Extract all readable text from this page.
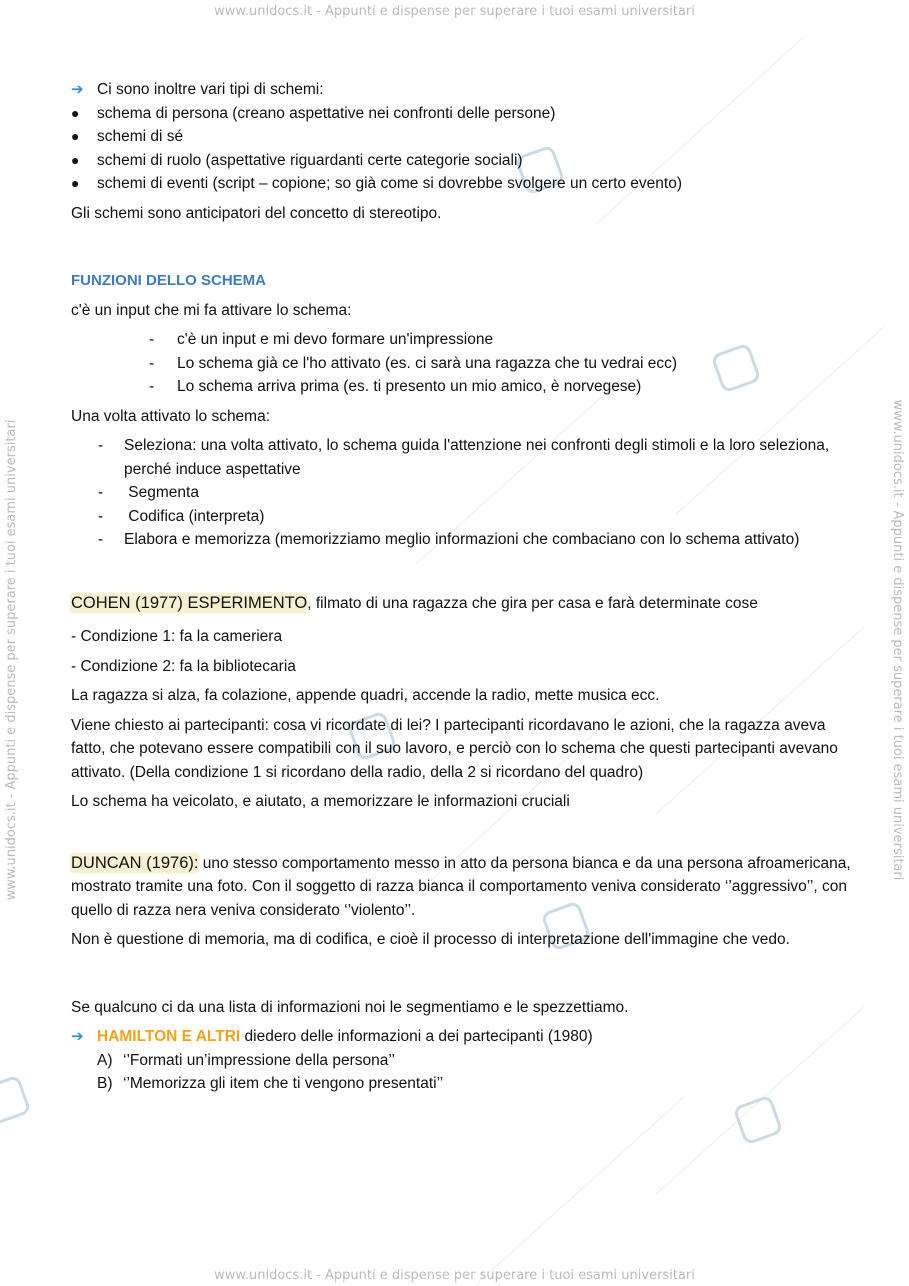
www.unidocs.it - Appunti e dispense per superare i tuoi esami universitari
www.unidocs.it - Appunti e dispense per superare i tuoi esami universitari
www.unidocs.it - Appunti e dispense per superare i tuoi esami universitari	www.unidocs.it - Appunti e dispense per superare i tuoi esami universitari
➔ Ci sono inoltre vari tipi di schemi:
● schema di persona (creano aspettative nei confronti delle persone)
● schemi di sé
● schemi di ruolo (aspettative riguardanti certe categorie sociali)
● schemi di eventi (script – copione; so già come si dovrebbe svolgere un certo evento)
Gli schemi sono anticipatori del concetto di stereotipo.
FUNZIONI DELLO SCHEMA
c'è un input che mi fa attivare lo schema:
- c'è un input e mi devo formare un'impressione
- Lo schema già ce l'ho attivato (es. ci sarà una ragazza che tu vedrai ecc)
- Lo schema arriva prima (es. ti presento un mio amico, è norvegese)
Una volta attivato lo schema:
- Seleziona: una volta attivato, lo schema guida l'attenzione nei confronti degli stimoli e la loro seleziona, perché induce aspettative
- Segmenta
- Codifica (interpreta)
- Elabora e memorizza (memorizziamo meglio informazioni che combaciano con lo schema attivato)
COHEN (1977) ESPERIMENTO, filmato di una ragazza che gira per casa e farà determinate cose
- Condizione 1: fa la cameriera
- Condizione 2: fa la bibliotecaria
La ragazza si alza, fa colazione, appende quadri, accende la radio, mette musica ecc.
Viene chiesto ai partecipanti: cosa vi ricordate di lei? I partecipanti ricordavano le azioni, che la ragazza aveva fatto, che potevano essere compatibili con il suo lavoro, e perciò con lo schema che questi partecipanti avevano attivato. (Della condizione 1 si ricordano della radio, della 2 si ricordano del quadro)
Lo schema ha veicolato, e aiutato, a memorizzare le informazioni cruciali
DUNCAN (1976): uno stesso comportamento messo in atto da persona bianca e da una persona afroamericana, mostrato tramite una foto. Con il soggetto di razza bianca il comportamento veniva considerato ‘’aggressivo’’, con quello di razza nera veniva considerato ‘’violento’’.
Non è questione di memoria, ma di codifica, e cioè il processo di interpretazione dell'immagine che vedo.
Se qualcuno ci da una lista di informazioni noi le segmentiamo e le spezzettiamo.
➔ HAMILTON E ALTRI diedero delle informazioni a dei partecipanti (1980)
A) ‘’Formati un’impressione della persona’’
B) ‘’Memorizza gli item che ti vengono presentati’’
